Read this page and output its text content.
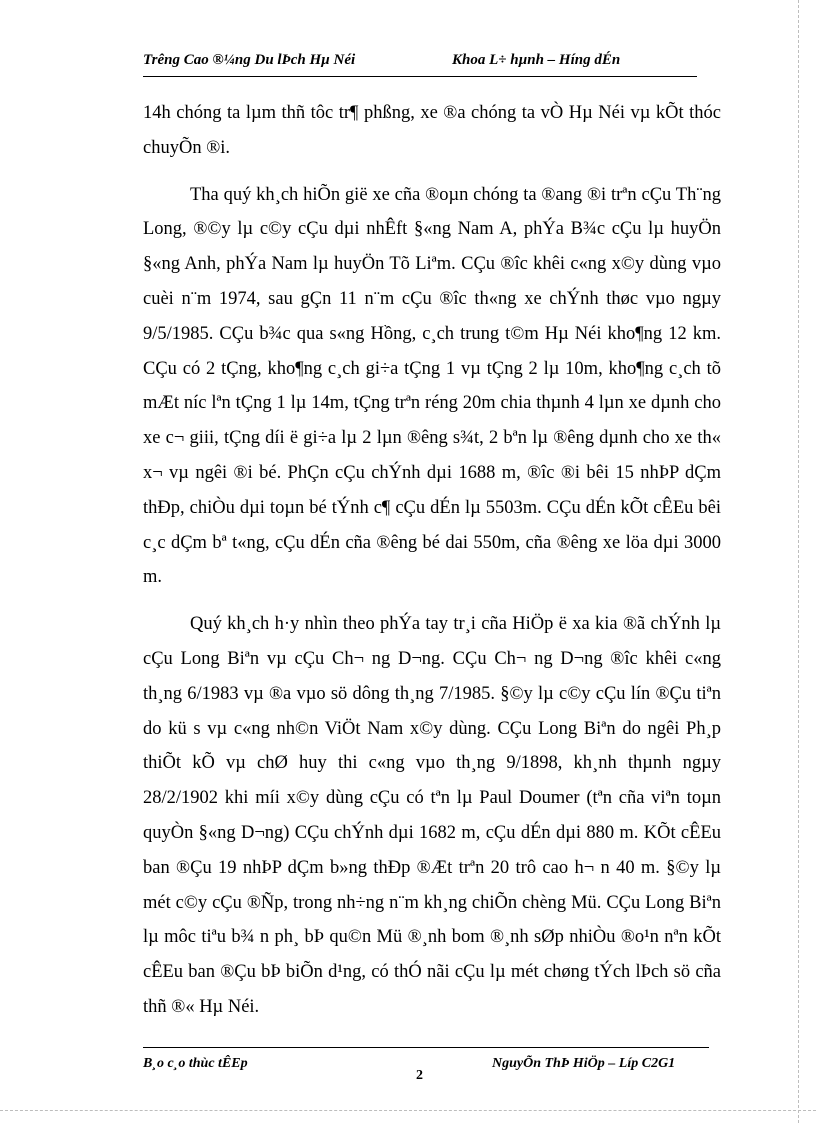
Trêng Cao ®¼ng Du lÞch Hµ Néi	Khoa L÷ hµnh – Híng dÉn

14h chóng ta lµm thñ tôc tr¶ phßng, xe ®a chóng ta vÒ Hµ Néi vµ kÕt thóc chuyÕn ®i.

Tha quý kh¸ch hiÕn gië xe cña ®oµn chóng ta ®ang ®i trªn cÇu Th¨ng Long, ®©y lµ c©y cÇu dµi nhÊft §«ng Nam A, phÝa B¾c cÇu lµ huyÖn §«ng Anh, phÝa Nam lµ huyÖn Tõ Liªm. CÇu ®îc khêi c«ng x©y dùng vµo cuèi n¨m 1974, sau gÇn 11 n¨m cÇu ®îc th«ng xe chÝnh thøc vµo ngµy 9/5/1985. CÇu b¾c qua s«ng Hồng, c¸ch trung t©m Hµ Néi kho¶ng 12 km. CÇu có 2 tÇng, kho¶ng c¸ch gi÷a tÇng 1 vµ tÇng 2 lµ 10m, kho¶ng c¸ch tõ mÆt níc lªn tÇng 1 lµ 14m, tÇng trªn réng 20m chia thµnh 4 lµn xe dµnh cho xe c¬ giii, tÇng díi ë gi÷a lµ 2 lµn ®êng s¾t, 2 bªn lµ ®êng dµnh cho xe th« x¬ vµ ngêi ®i bé. PhÇn cÇu chÝnh dµi 1688 m, ®îc ®i bêi 15 nhÞP dÇm thÐp, chiÒu dµi toµn bé tÝnh c¶ cÇu dÉn lµ 5503m. CÇu dÉn kÕt cÊEu bêi c¸c dÇm bª t«ng, cÇu dÉn cña ®êng bé dai 550m, cña ®êng xe löa dµi 3000 m.

Quý kh¸ch h·y nhìn theo phÝa tay tr¸i cña HiÖp ë xa kia ®ã chÝnh lµ cÇu Long Biªn vµ cÇu Ch¬ ng D¬ng. CÇu Ch¬ ng D¬ng ®îc khêi c«ng th¸ng 6/1983 vµ ®a vµo sö dông th¸ng 7/1985. §©y lµ c©y cÇu lín ®Çu tiªn do kü s vµ c«ng nh©n ViÖt Nam x©y dùng. CÇu Long Biªn do ngêi Ph¸p thiÕt kÕ vµ chØ huy thi c«ng vµo th¸ng 9/1898, kh¸nh thµnh ngµy 28/2/1902 khi míi x©y dùng cÇu có tªn lµ Paul Doumer (tªn cña viªn toµn quyÒn §«ng D¬ng) CÇu chÝnh dµi 1682 m, cÇu dÉn dµi 880 m. KÕt cÊEu ban ®Çu 19 nhÞP dÇm b»ng thÐp ®Æt trªn 20 trô cao h¬ n 40 m. §©y lµ mét c©y cÇu ®Ñp, trong nh÷ng n¨m kh¸ng chiÕn chèng Mü. CÇu Long Biªn lµ môc tiªu b¾ n ph¸ bÞ qu©n Mü ®¸nh bom ®¸nh sØp nhiÒu ®o¹n nªn kÕt cÊEu ban ®Çu bÞ biÕn d¹ng, có thÓ nãi cÇu lµ mét chøng tÝch lÞch sö cña thñ ®« Hµ Néi.

B¸o c¸o thùc tÊEp	NguyÕn ThÞ HiÖp – Líp C2G1
2
